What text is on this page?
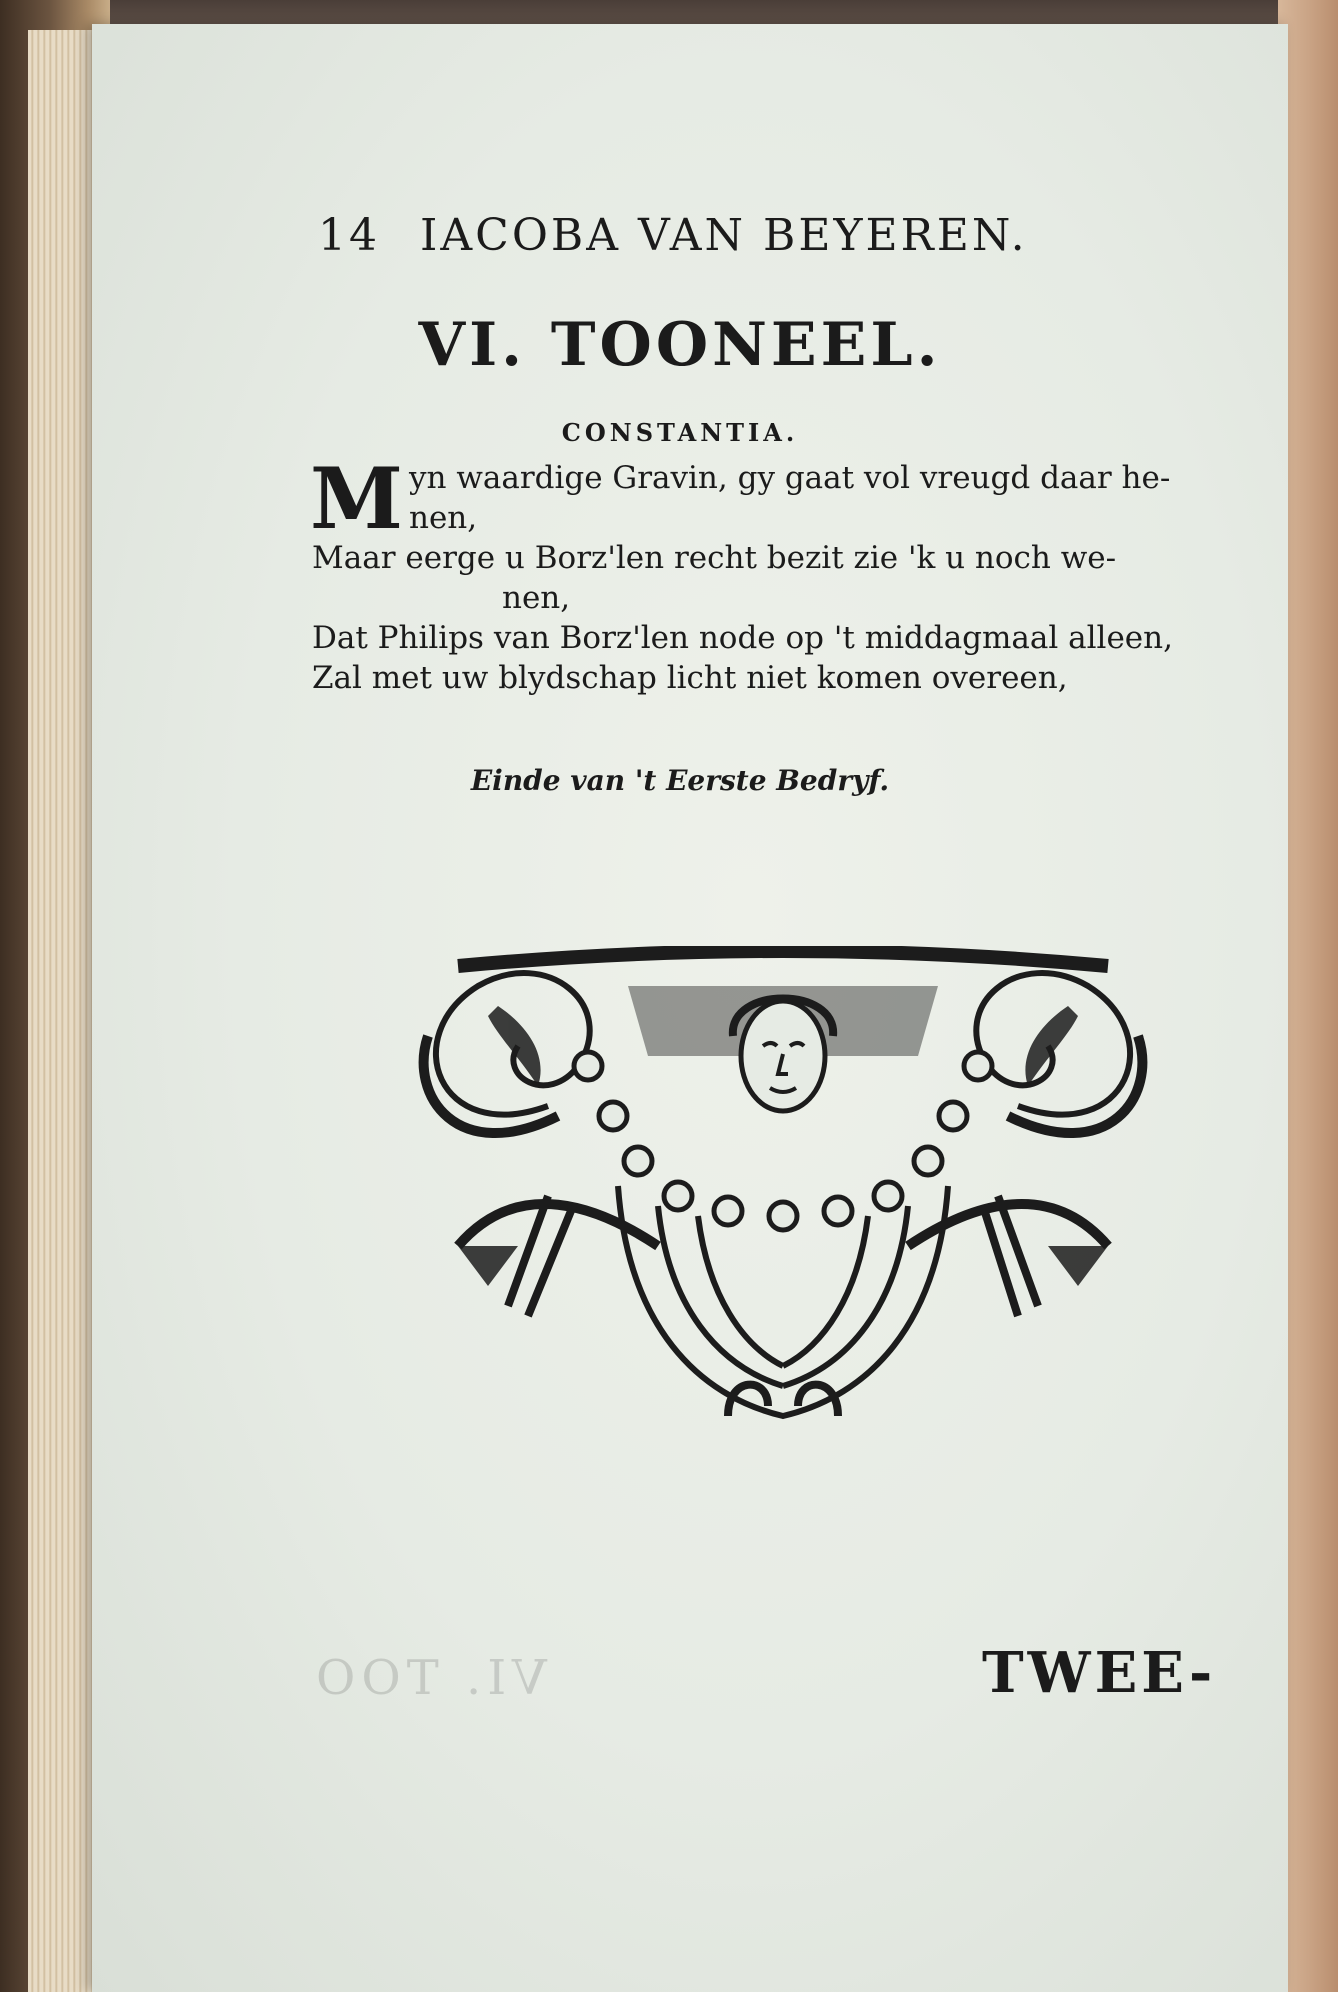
14 IACOBA VAN BEYEREN.
VI. TOONEEL.
CONSTANTIA.
M yn waardige Gravin, gy gaat vol vreugd daar he-
nen,
Maar eerge u Borz'len recht bezit zie 'k u noch we-
nen,
Dat Philips van Borz'len node op 't middagmaal alleen,
Zal met uw blydschap licht niet komen overeen,
Einde van 't Eerste Bedryf.
VI. TOO	TWEE-
